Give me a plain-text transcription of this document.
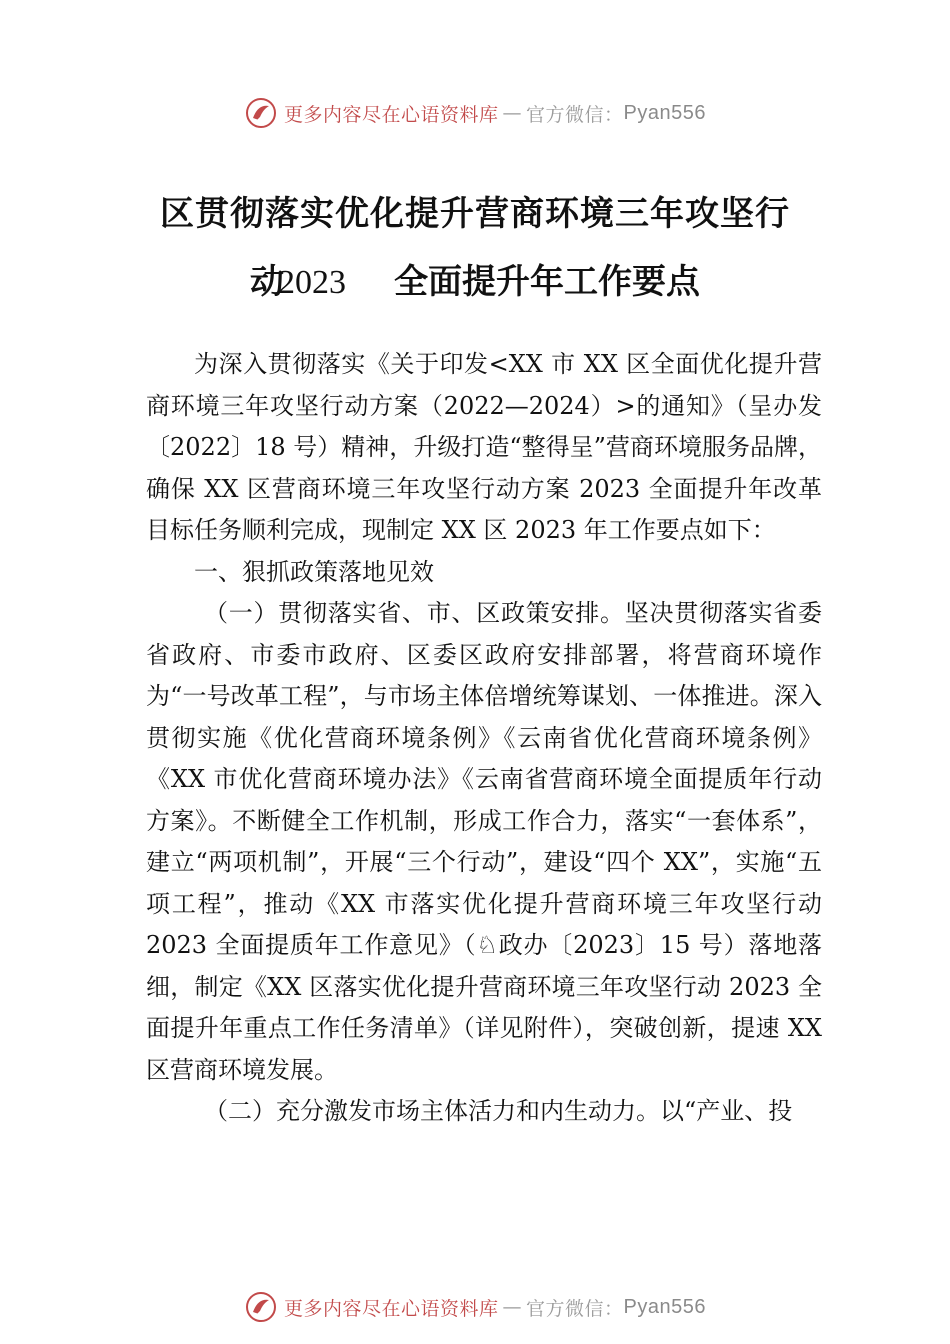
更多内容尽在心语资料库 — 官方微信： Pyan556
区贯彻落实优化提升营商环境三年攻坚行
动2023 全面提升年工作要点

为深入贯彻落实《关于印发<XX 市 XX 区全面优化提升营商环境三年攻坚行动方案（2022—2024）>的通知》（呈办发〔2022〕18 号）精神，升级打造“整得呈”营商环境服务品牌，确保 XX 区营商环境三年攻坚行动方案 2023 全面提升年改革目标任务顺利完成，现制定 XX 区 2023 年工作要点如下：

一、狠抓政策落地见效

（一）贯彻落实省、市、区政策安排。坚决贯彻落实省委省政府、市委市政府、区委区政府安排部署，将营商环境作为“一号改革工程”，与市场主体倍增统筹谋划、一体推进。深入贯彻实施《优化营商环境条例》《云南省优化营商环境条例》《XX 市优化营商环境办法》《云南省营商环境全面提质年行动方案》。不断健全工作机制，形成工作合力，落实“一套体系”，建立“两项机制”，开展“三个行动”，建设“四个 XX”，实施“五项工程”，推动《XX 市落实优化提升营商环境三年攻坚行动 2023 全面提质年工作意见》（♘政办〔2023〕15 号）落地落细，制定《XX 区落实优化提升营商环境三年攻坚行动 2023 全面提升年重点工作任务清单》（详见附件），突破创新，提速 XX 区营商环境发展。

（二）充分激发市场主体活力和内生动力。以“产业、投

更多内容尽在心语资料库 — 官方微信： Pyan556
